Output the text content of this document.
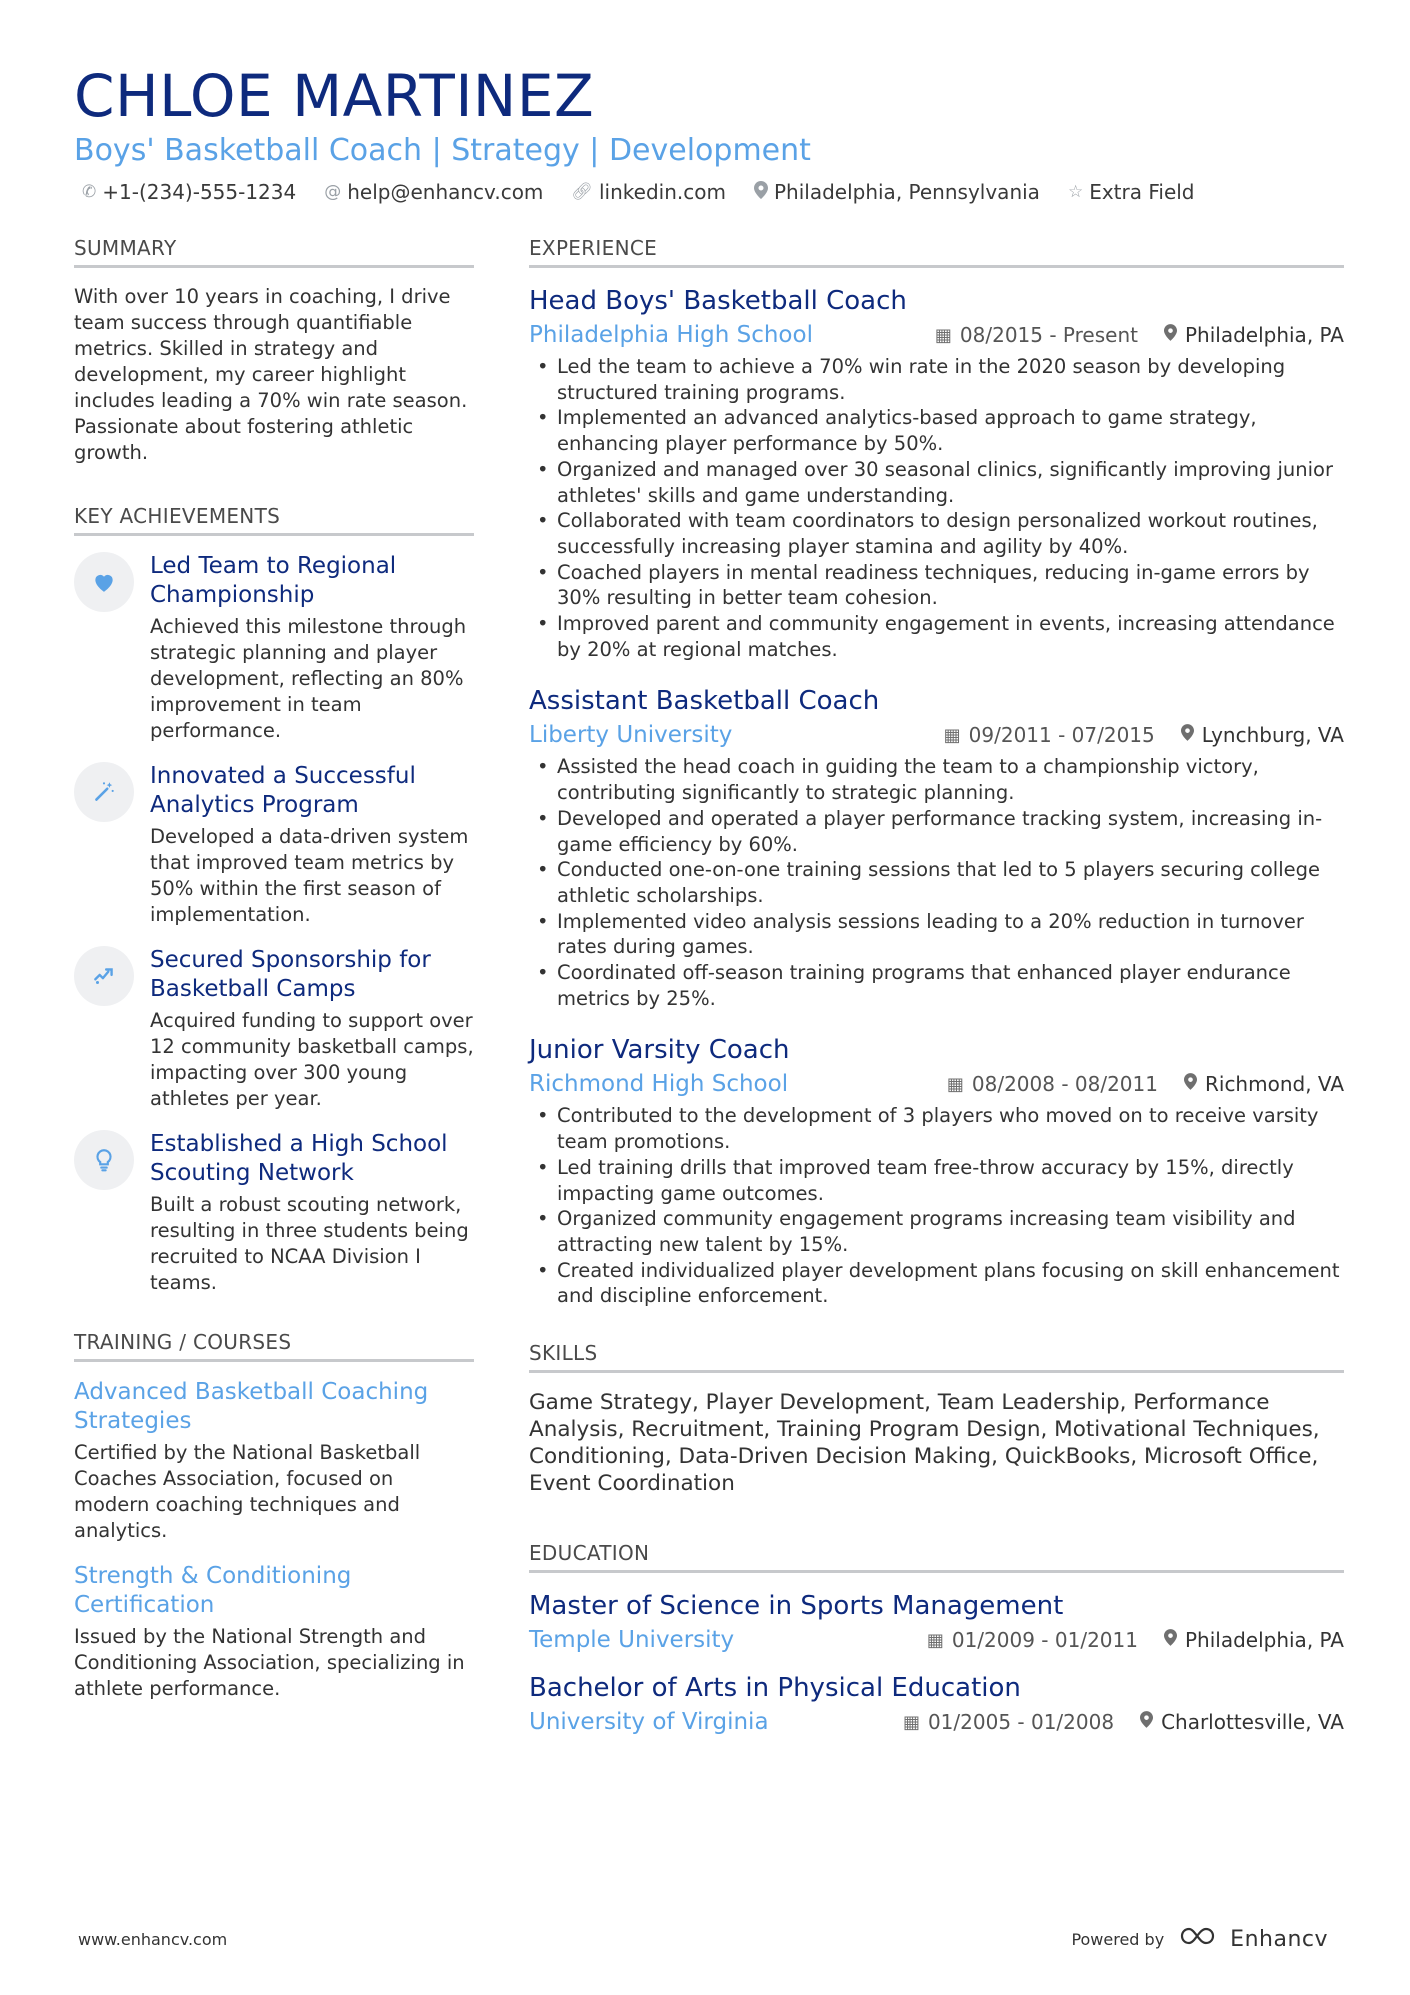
CHLOE MARTINEZ
Boys' Basketball Coach | Strategy | Development
✆ +1-(234)-555-1234 @ help@enhancv.com 🔗︎ linkedin.com Philadelphia, Pennsylvania ☆ Extra Field
SUMMARY

With over 10 years in coaching, I drive team success through quantifiable metrics. Skilled in strategy and development, my career highlight includes leading a 70% win rate season. Passionate about fostering athletic growth.

KEY ACHIEVEMENTS
Led Team to Regional Championship
Achieved this milestone through strategic planning and player development, reflecting an 80% improvement in team performance.
Innovated a Successful Analytics Program
Developed a data-driven system that improved team metrics by 50% within the first season of implementation.
Secured Sponsorship for Basketball Camps
Acquired funding to support over 12 community basketball camps, impacting over 300 young athletes per year.
Established a High School Scouting Network
Built a robust scouting network, resulting in three students being recruited to NCAA Division I teams.
TRAINING / COURSES
Advanced Basketball Coaching Strategies
Certified by the National Basketball Coaches Association, focused on modern coaching techniques and analytics.
Strength & Conditioning Certification
Issued by the National Strength and Conditioning Association, specializing in athlete performance.
EXPERIENCE
Head Boys' Basketball Coach
Philadelphia High School	▦ 08/2015 - Present Philadelphia, PA
• Led the team to achieve a 70% win rate in the 2020 season by developing structured training programs.
• Implemented an advanced analytics-based approach to game strategy, enhancing player performance by 50%.
• Organized and managed over 30 seasonal clinics, significantly improving junior athletes' skills and game understanding.
• Collaborated with team coordinators to design personalized workout routines, successfully increasing player stamina and agility by 40%.
• Coached players in mental readiness techniques, reducing in-game errors by 30% resulting in better team cohesion.
• Improved parent and community engagement in events, increasing attendance by 20% at regional matches.
Assistant Basketball Coach
Liberty University	▦ 09/2011 - 07/2015 Lynchburg, VA
• Assisted the head coach in guiding the team to a championship victory, contributing significantly to strategic planning.
• Developed and operated a player performance tracking system, increasing in-game efficiency by 60%.
• Conducted one-on-one training sessions that led to 5 players securing college athletic scholarships.
• Implemented video analysis sessions leading to a 20% reduction in turnover rates during games.
• Coordinated off-season training programs that enhanced player endurance metrics by 25%.
Junior Varsity Coach
Richmond High School	▦ 08/2008 - 08/2011 Richmond, VA
• Contributed to the development of 3 players who moved on to receive varsity team promotions.
• Led training drills that improved team free-throw accuracy by 15%, directly impacting game outcomes.
• Organized community engagement programs increasing team visibility and attracting new talent by 15%.
• Created individualized player development plans focusing on skill enhancement and discipline enforcement.
SKILLS

Game Strategy, Player Development, Team Leadership, Performance Analysis, Recruitment, Training Program Design, Motivational Techniques, Conditioning, Data-Driven Decision Making, QuickBooks, Microsoft Office, Event Coordination

EDUCATION
Master of Science in Sports Management
Temple University	▦ 01/2009 - 01/2011 Philadelphia, PA
Bachelor of Arts in Physical Education
University of Virginia	▦ 01/2005 - 01/2008 Charlottesville, VA
www.enhancv.com	Powered by	Enhancv
